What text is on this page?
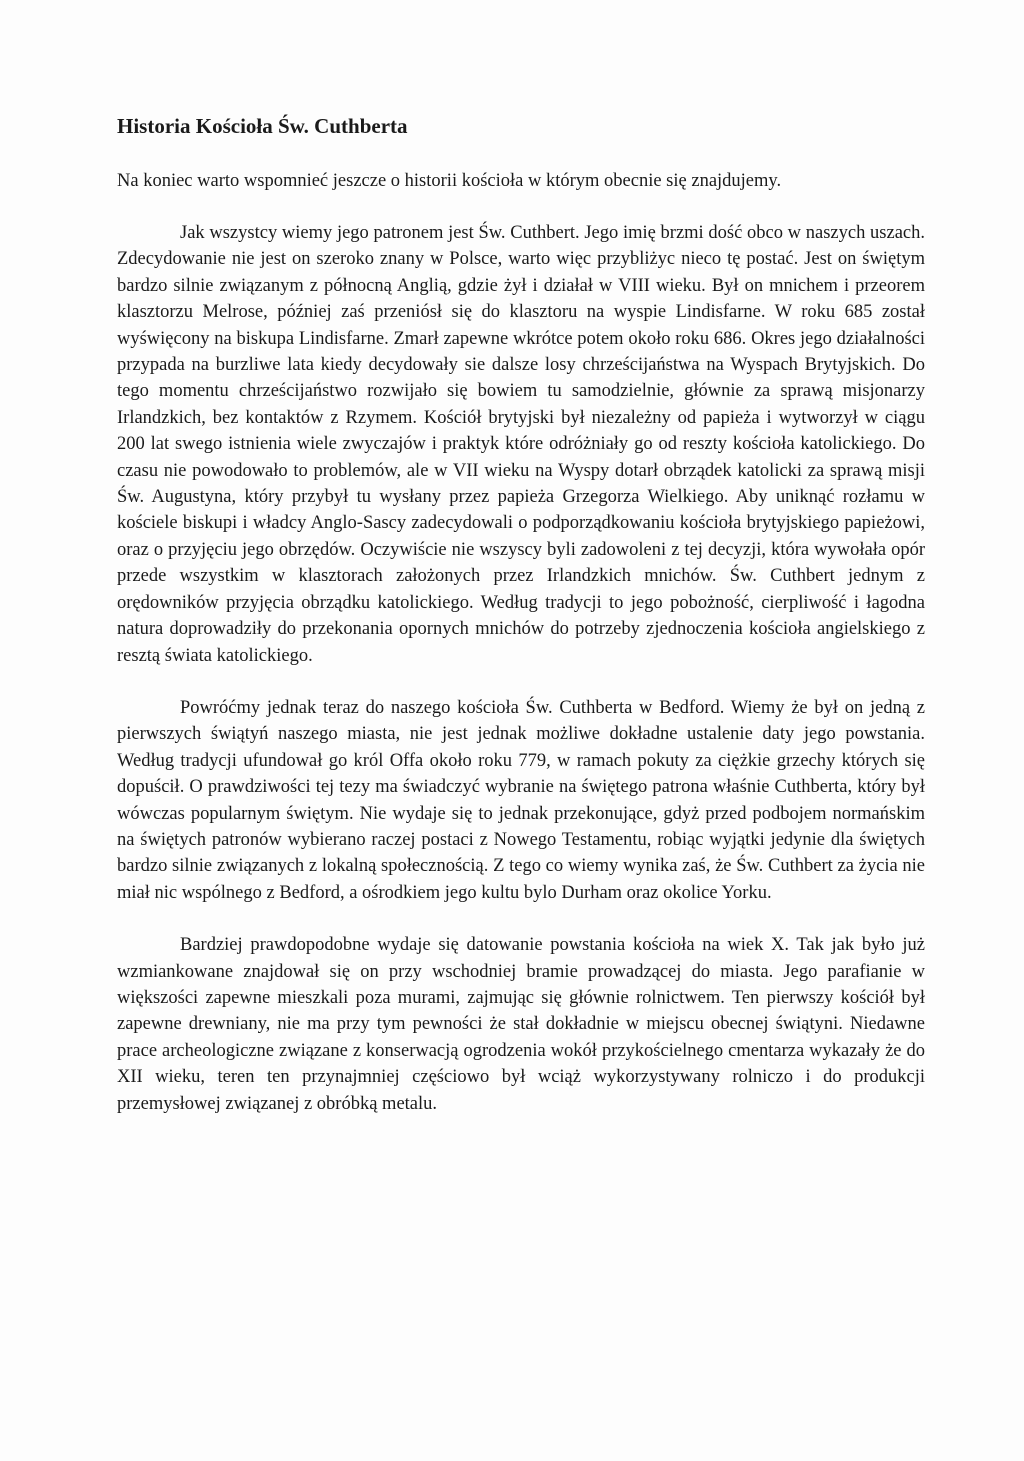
Historia Kościoła Św. Cuthberta

Na koniec warto wspomnieć jeszcze o historii kościoła w którym obecnie się znajdujemy.

Jak wszystcy wiemy jego patronem jest Św. Cuthbert. Jego imię brzmi dość obco w naszych uszach. Zdecydowanie nie jest on szeroko znany w Polsce, warto więc przybliżyc nieco tę postać. Jest on świętym bardzo silnie związanym z północną Anglią, gdzie żył i działał w VIII wieku. Był on mnichem i przeorem klasztorzu Melrose, później zaś przeniósł się do klasztoru na wyspie Lindisfarne. W roku 685 został wyświęcony na biskupa Lindisfarne. Zmarł zapewne wkrótce potem około roku 686. Okres jego działalności przypada na burzliwe lata kiedy decydowały sie dalsze losy chrześcijaństwa na Wyspach Brytyjskich. Do tego momentu chrześcijaństwo rozwijało się bowiem tu samodzielnie, głównie za sprawą misjonarzy Irlandzkich, bez kontaktów z Rzymem. Kościół brytyjski był niezależny od papieża i wytworzył w ciągu 200 lat swego istnienia wiele zwyczajów i praktyk które odróżniały go od reszty kościoła katolickiego. Do czasu nie powodowało to problemów, ale w VII wieku na Wyspy dotarł obrządek katolicki za sprawą misji Św. Augustyna, który przybył tu wysłany przez papieża Grzegorza Wielkiego. Aby uniknąć rozłamu w kościele biskupi i władcy Anglo-Sascy zadecydowali o podporządkowaniu kościoła brytyjskiego papieżowi, oraz o przyjęciu jego obrzędów. Oczywiście nie wszyscy byli zadowoleni z tej decyzji, która wywołała opór przede wszystkim w klasztorach założonych przez Irlandzkich mnichów. Św. Cuthbert jednym z orędowników przyjęcia obrządku katolickiego. Według tradycji to jego pobożność, cierpliwość i łagodna natura doprowadziły do przekonania opornych mnichów do potrzeby zjednoczenia kościoła angielskiego z resztą świata katolickiego.

Powróćmy jednak teraz do naszego kościoła Św. Cuthberta w Bedford. Wiemy że był on jedną z pierwszych świątyń naszego miasta, nie jest jednak możliwe dokładne ustalenie daty jego powstania. Według tradycji ufundował go król Offa około roku 779, w ramach pokuty za ciężkie grzechy których się dopuścił. O prawdziwości tej tezy ma świadczyć wybranie na świętego patrona właśnie Cuthberta, który był wówczas popularnym świętym. Nie wydaje się to jednak przekonujące, gdyż przed podbojem normańskim na świętych patronów wybierano raczej postaci z Nowego Testamentu, robiąc wyjątki jedynie dla świętych bardzo silnie związanych z lokalną społecznością. Z tego co wiemy wynika zaś, że Św. Cuthbert za życia nie miał nic wspólnego z Bedford, a ośrodkiem jego kultu bylo Durham oraz okolice Yorku.

Bardziej prawdopodobne wydaje się datowanie powstania kościoła na wiek X. Tak jak było już wzmiankowane znajdował się on przy wschodniej bramie prowadzącej do miasta. Jego parafianie w większości zapewne mieszkali poza murami, zajmując się głównie rolnictwem. Ten pierwszy kościół był zapewne drewniany, nie ma przy tym pewności że stał dokładnie w miejscu obecnej świątyni. Niedawne prace archeologiczne związane z konserwacją ogrodzenia wokół przykościelnego cmentarza wykazały że do XII wieku, teren ten przynajmniej częściowo był wciąż wykorzystywany rolniczo i do produkcji przemysłowej związanej z obróbką metalu.
